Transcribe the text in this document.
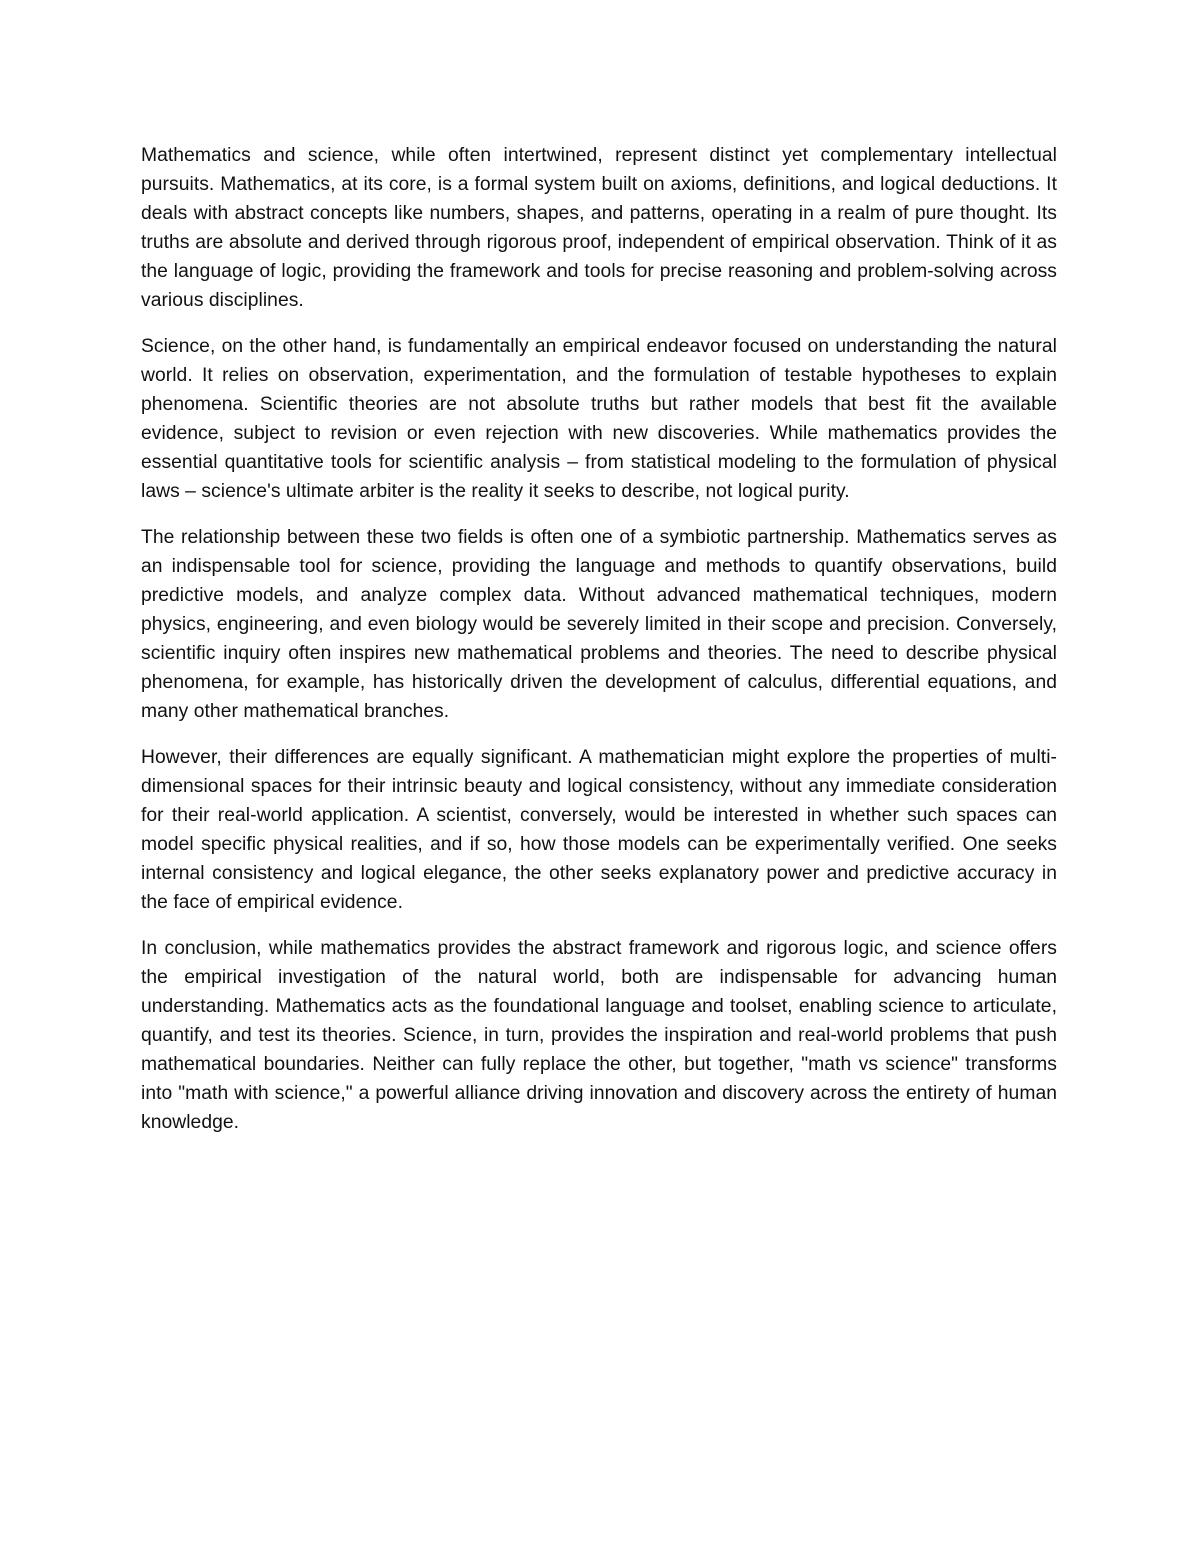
Mathematics and science, while often intertwined, represent distinct yet complementary intellectual pursuits. Mathematics, at its core, is a formal system built on axioms, definitions, and logical deductions. It deals with abstract concepts like numbers, shapes, and patterns, operating in a realm of pure thought. Its truths are absolute and derived through rigorous proof, independent of empirical observation. Think of it as the language of logic, providing the framework and tools for precise reasoning and problem-solving across various disciplines.

Science, on the other hand, is fundamentally an empirical endeavor focused on understanding the natural world. It relies on observation, experimentation, and the formulation of testable hypotheses to explain phenomena. Scientific theories are not absolute truths but rather models that best fit the available evidence, subject to revision or even rejection with new discoveries. While mathematics provides the essential quantitative tools for scientific analysis – from statistical modeling to the formulation of physical laws – science's ultimate arbiter is the reality it seeks to describe, not logical purity.

The relationship between these two fields is often one of a symbiotic partnership. Mathematics serves as an indispensable tool for science, providing the language and methods to quantify observations, build predictive models, and analyze complex data. Without advanced mathematical techniques, modern physics, engineering, and even biology would be severely limited in their scope and precision. Conversely, scientific inquiry often inspires new mathematical problems and theories. The need to describe physical phenomena, for example, has historically driven the development of calculus, differential equations, and many other mathematical branches.

However, their differences are equally significant. A mathematician might explore the properties of multi-dimensional spaces for their intrinsic beauty and logical consistency, without any immediate consideration for their real-world application. A scientist, conversely, would be interested in whether such spaces can model specific physical realities, and if so, how those models can be experimentally verified. One seeks internal consistency and logical elegance, the other seeks explanatory power and predictive accuracy in the face of empirical evidence.

In conclusion, while mathematics provides the abstract framework and rigorous logic, and science offers the empirical investigation of the natural world, both are indispensable for advancing human understanding. Mathematics acts as the foundational language and toolset, enabling science to articulate, quantify, and test its theories. Science, in turn, provides the inspiration and real-world problems that push mathematical boundaries. Neither can fully replace the other, but together, "math vs science" transforms into "math with science," a powerful alliance driving innovation and discovery across the entirety of human knowledge.
